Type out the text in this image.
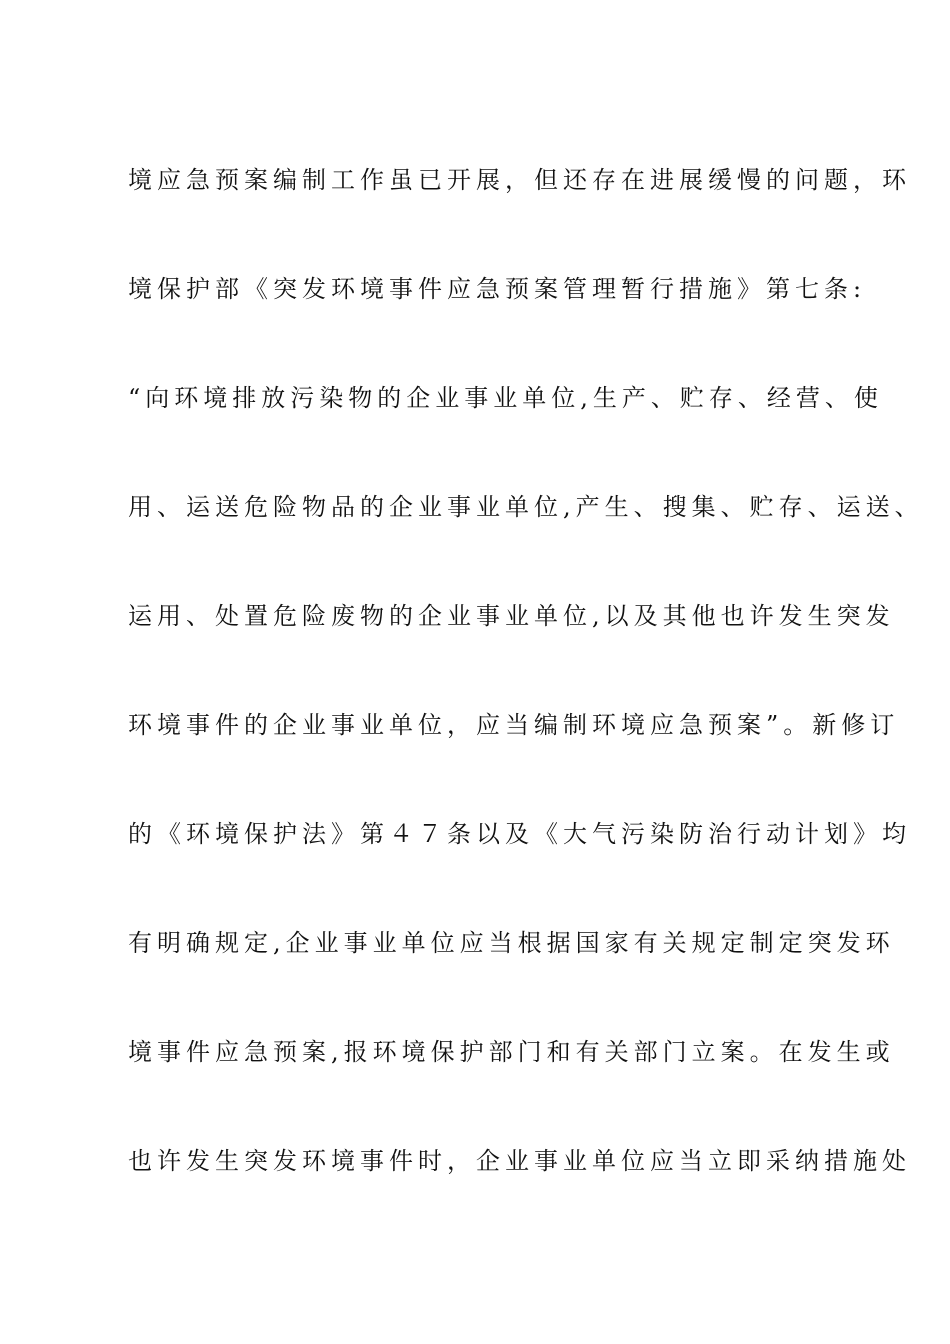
境应急预案编制工作虽已开展，但还存在进展缓慢的问题，环
境保护部《突发环境事件应急预案管理暂行措施》第七条:
“向环境排放污染物的企业事业单位,生产、贮存、经营、使
用、运送危险物品的企业事业单位,产生、搜集、贮存、运送、
运用、处置危险废物的企业事业单位,以及其他也许发生突发
环境事件的企业事业单位，应当编制环境应急预案”。新修订
的《环境保护法》第４７条以及《大气污染防治行动计划》均
有明确规定,企业事业单位应当根据国家有关规定制定突发环
境事件应急预案,报环境保护部门和有关部门立案。在发生或
也许发生突发环境事件时，企业事业单位应当立即采纳措施处
